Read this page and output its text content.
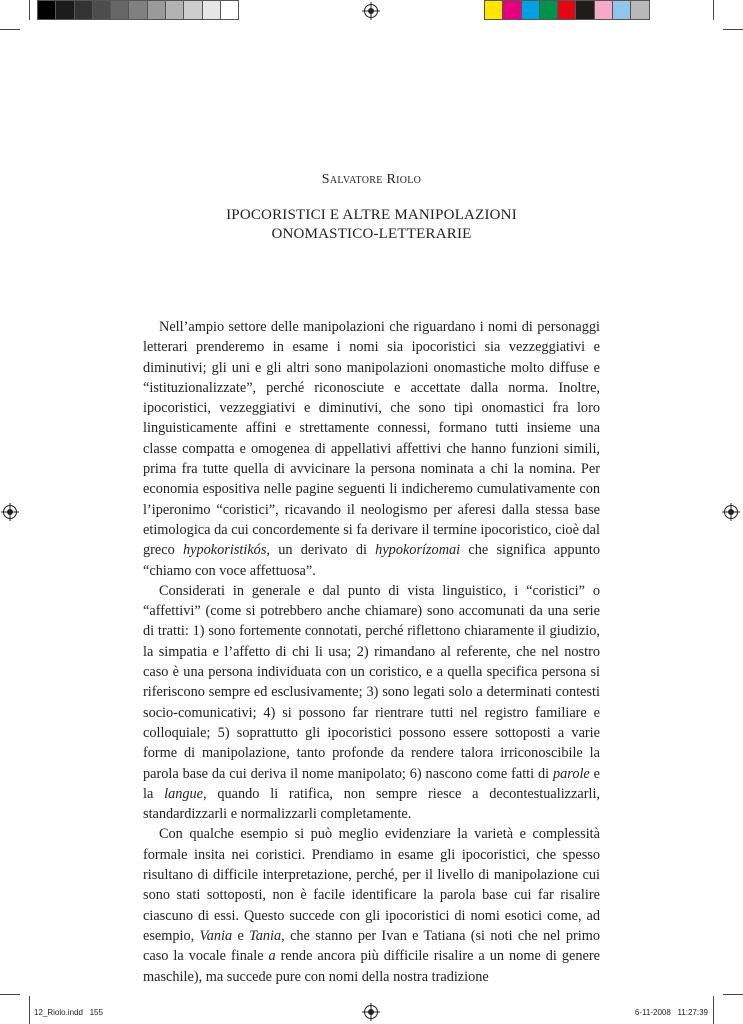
12_Riolo.indd   155	6-11-2008   11:27:39
Salvatore Riolo
IPOCORISTICI E ALTRE MANIPOLAZIONI
ONOMASTICO-LETTERARIE

Nell’ampio settore delle manipolazioni che riguardano i nomi di personaggi letterari prenderemo in esame i nomi sia ipocoristici sia vezzeggiativi e diminutivi; gli uni e gli altri sono manipolazioni onomastiche molto diffuse e “istituzionalizzate”, perché riconosciute e accettate dalla norma. Inoltre, ipocoristici, vezzeggiativi e diminutivi, che sono tipi onomastici fra loro linguisticamente affini e strettamente connessi, formano tutti insieme una classe compatta e omogenea di appellativi affettivi che hanno funzioni simili, prima fra tutte quella di avvicinare la persona nominata a chi la nomina. Per economia espositiva nelle pagine seguenti li indicheremo cumulativamente con l’iperonimo “coristici”, ricavando il neologismo per aferesi dalla stessa base etimologica da cui concordemente si fa derivare il termine ipocoristico, cioè dal greco hypokoristikós, un derivato di hypokorízomai che significa appunto “chiamo con voce affettuosa”.

Considerati in generale e dal punto di vista linguistico, i “coristici” o “affettivi” (come si potrebbero anche chiamare) sono accomunati da una serie di tratti: 1) sono fortemente connotati, perché riflettono chiaramente il giudizio, la simpatia e l’affetto di chi li usa; 2) rimandano al referente, che nel nostro caso è una persona individuata con un coristico, e a quella specifica persona si riferiscono sempre ed esclusivamente; 3) sono legati solo a determinati contesti socio-comunicativi; 4) si possono far rientrare tutti nel registro familiare e colloquiale; 5) soprattutto gli ipocoristici possono essere sottoposti a varie forme di manipolazione, tanto profonde da rendere talora irriconoscibile la parola base da cui deriva il nome manipolato; 6) nascono come fatti di parole e la langue, quando li ratifica, non sempre riesce a decontestualizzarli, standardizzarli e normalizzarli completamente.

Con qualche esempio si può meglio evidenziare la varietà e complessità formale insita nei coristici. Prendiamo in esame gli ipocoristici, che spesso risultano di difficile interpretazione, perché, per il livello di manipolazione cui sono stati sottoposti, non è facile identificare la parola base cui far risalire ciascuno di essi. Questo succede con gli ipocoristici di nomi esotici come, ad esempio, Vania e Tania, che stanno per Ivan e Tatiana (si noti che nel primo caso la vocale finale a rende ancora più difficile risalire a un nome di genere maschile), ma succede pure con nomi della nostra tradizione
